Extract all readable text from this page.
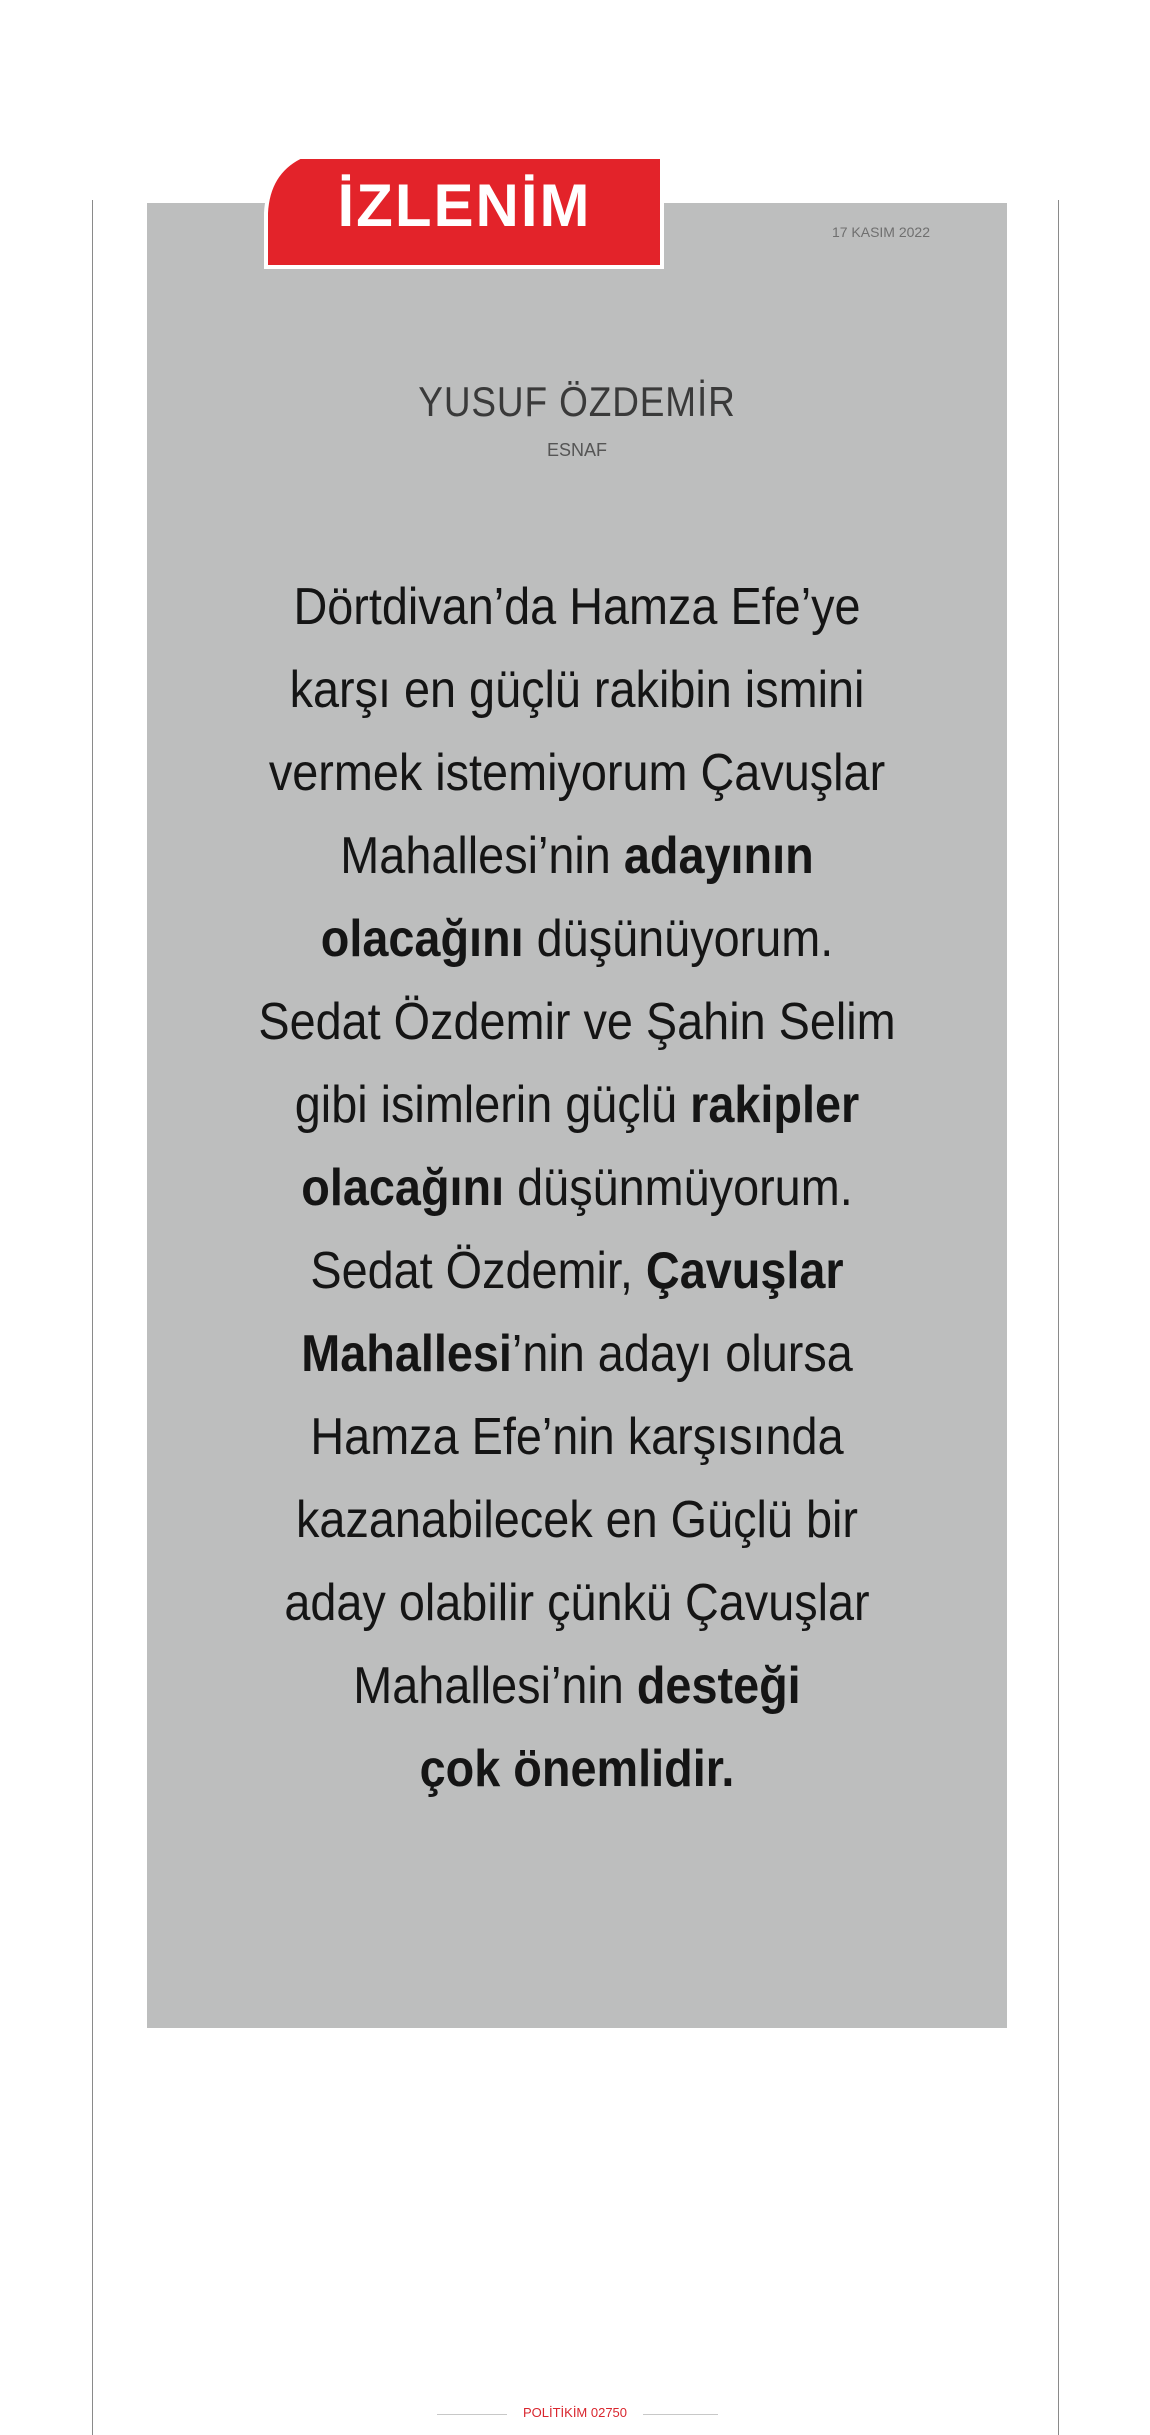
İZLENİM	17 KASIM 2022
YUSUF ÖZDEMİR
ESNAF
Dörtdivan’da Hamza Efe’ye
karşı en güçlü rakibin ismini
vermek istemiyorum Çavuşlar
Mahallesi’nin adayının
olacağını düşünüyorum.
Sedat Özdemir ve Şahin Selim
gibi isimlerin güçlü rakipler
olacağını düşünmüyorum.
Sedat Özdemir, Çavuşlar
Mahallesi’nin adayı olursa
Hamza Efe’nin karşısında
kazanabilecek en Güçlü bir
aday olabilir çünkü Çavuşlar
Mahallesi’nin desteği
çok önemlidir.
POLİTİKİM 02750
